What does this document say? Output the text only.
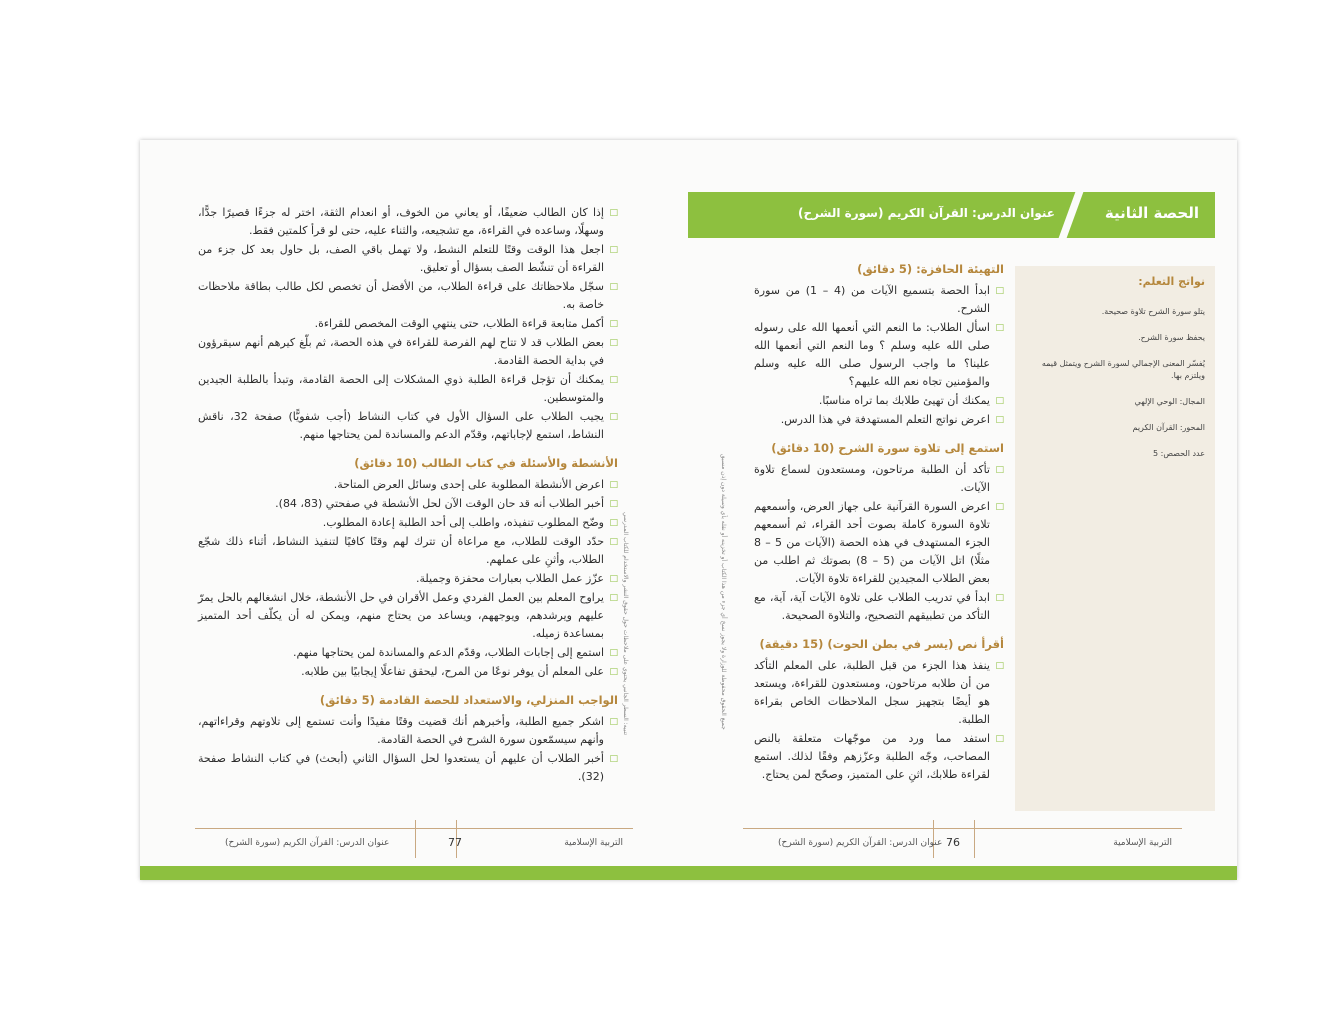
تنبيه: السطر الجانبي يحتوي على ملاحظات حول حقوق النشر والاستخدام للكتاب المدرسي
□ إذا كان الطالب ضعيفًا، أو يعاني من الخوف، أو انعدام الثقة، اختر له جزءًا قصيرًا جدًّا، وسهلًا، وساعده في القراءة، مع تشجيعه، والثناء عليه، حتى لو قرأ كلمتين فقط.
□ اجعل هذا الوقت وقتًا للتعلم النشط، ولا تهمل باقي الصف، بل حاول بعد كل جزء من القراءة أن تنشّط الصف بسؤال أو تعليق.
□ سجّل ملاحظاتك على قراءة الطلاب، من الأفضل أن تخصص لكل طالب بطاقة ملاحظات خاصة به.
□ أكمل متابعة قراءة الطلاب، حتى ينتهي الوقت المخصص للقراءة.
□ بعض الطلاب قد لا تتاح لهم الفرصة للقراءة في هذه الحصة، ثم بلّغ كيرهم أنهم سيقرؤون في بداية الحصة القادمة.
□ يمكنك أن تؤجل قراءة الطلبة ذوي المشكلات إلى الحصة القادمة، وتبدأ بالطلبة الجيدين والمتوسطين.
□ يجيب الطلاب على السؤال الأول في كتاب النشاط (أجب شفويًّا) صفحة 32، ناقش النشاط، استمع لإجاباتهم، وقدّم الدعم والمساندة لمن يحتاجها منهم.
الأنشطة والأسئلة في كتاب الطالب (10 دقائق)
□ اعرض الأنشطة المطلوبة على إحدى وسائل العرض المتاحة.
□ أخبر الطلاب أنه قد حان الوقت الآن لحل الأنشطة في صفحتي (83، 84).
□ وضّح المطلوب تنفيذه، واطلب إلى أحد الطلبة إعادة المطلوب.
□ حدّد الوقت للطلاب، مع مراعاة أن تترك لهم وقتًا كافيًا لتنفيذ النشاط، أثناء ذلك شجّع الطلاب، وأثنِ على عملهم.
□ عزّز عمل الطلاب بعبارات محفزة وجميلة.
□ يراوح المعلم بين العمل الفردي وعمل الأقران في حل الأنشطة، خلال انشغالهم بالحل يمرّ عليهم ويرشدهم، ويوجههم، ويساعد من يحتاج منهم، ويمكن له أن يكلّف أحد المتميز بمساعدة زميله.
□ استمع إلى إجابات الطلاب، وقدّم الدعم والمساندة لمن يحتاجها منهم.
□ على المعلم أن يوفر نوعًا من المرح، ليحقق تفاعلًا إيجابيًا بين طلابه.
الواجب المنزلي، والاستعداد للحصة القادمة (5 دقائق)
□ اشكر جميع الطلبة، وأخبرهم أنك قضيت وقتًا مفيدًا وأنت تستمع إلى تلاوتهم وقراءاتهم، وأنهم سيسمّعون سورة الشرح في الحصة القادمة.
□ أخبر الطلاب أن عليهم أن يستعدوا لحل السؤال الثاني (أبحث) في كتاب النشاط صفحة (32).
التربية الإسلامية
77
عنوان الدرس: القرآن الكريم (سورة الشرح)
جميع الحقوق محفوظة للوزارة ولا يجوز نسخ أي جزء من هذا الكتاب أو تخزينه أو نقله بأي وسيلة دون إذن مسبق
الحصة الثانية
عنوان الدرس: القرآن الكريم (سورة الشرح)
نواتج التعلم:
يتلو سورة الشرح تلاوة صحيحة.
يحفظ سورة الشرح.
يُفسّر المعنى الإجمالي لسورة الشرح ويتمثل قيمه ويلتزم بها.
المجال: الوحي الإلهي
المحور: القرآن الكريم
عدد الحصص: 5
التهيئة الحافزة: (5 دقائق)
□ ابدأ الحصة بتسميع الآيات من (4 – 1) من سورة الشرح.
□ اسأل الطلاب: ما النعم التي أنعمها الله على رسوله صلى الله عليه وسلم ؟ وما النعم التي أنعمها الله علينا؟ ما واجب الرسول صلى الله عليه وسلم والمؤمنين تجاه نعم الله عليهم؟
□ يمكنك أن تهيئ طلابك بما تراه مناسبًا.
□ اعرض نواتج التعلم المستهدفة في هذا الدرس.
استمع إلى تلاوة سورة الشرح (10 دقائق)
□ تأكد أن الطلبة مرتاحون، ومستعدون لسماع تلاوة الآيات.
□ اعرض السورة القرآنية على جهاز العرض، وأسمعهم تلاوة السورة كاملة بصوت أحد القراء، ثم أسمعهم الجزء المستهدف في هذه الحصة (الآيات من 5 – 8 مثلًا) اتل الآيات من (5 – 8) بصوتك ثم اطلب من بعض الطلاب المجيدين للقراءة تلاوة الآيات.
□ ابدأ في تدريب الطلاب على تلاوة الآيات آية، آية، مع التأكد من تطبيقهم التصحيح، والتلاوة الصحيحة.
أقرأ نص (يسر في بطن الحوت) (15 دقيقة)
□ ينفذ هذا الجزء من قبل الطلبة، على المعلم التأكد من أن طلابه مرتاحون، ومستعدون للقراءة، ويستعد هو أيضًا بتجهيز سجل الملاحظات الخاص بقراءة الطلبة.
□ استفد مما ورد من موجّهات متعلقة بالنص المصاحب، وجّه الطلبة وعزّزهم وفقًا لذلك. استمع لقراءة طلابك، اثنِ على المتميز، وصحّح لمن يحتاج.
التربية الإسلامية
76
عنوان الدرس: القرآن الكريم (سورة الشرح)
